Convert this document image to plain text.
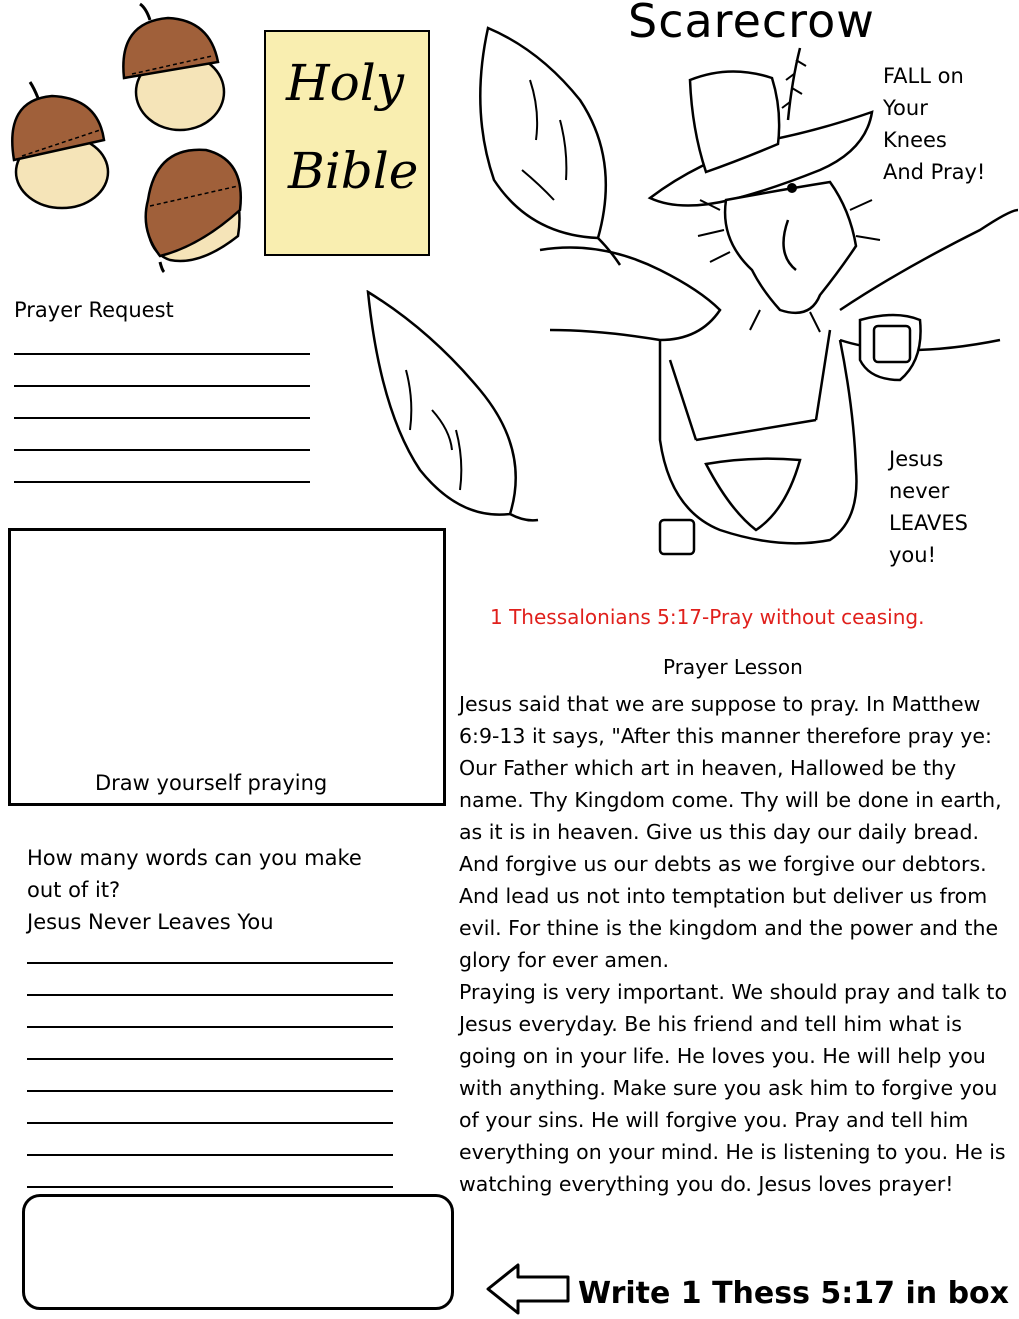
Holy
Bible
Scarecrow
FALL on
Your
Knees
And Pray!
Jesus
never
LEAVES
you!
Prayer Request
Draw yourself praying
How many words can you make
out of it?
Jesus Never Leaves You
1 Thessalonians 5:17-Pray without ceasing.
Prayer Lesson

Jesus said that we are suppose to pray. In Matthew 6:9-13 it says, "After this manner therefore pray ye: Our Father which art in heaven, Hallowed be thy name. Thy Kingdom come. Thy will be done in earth, as it is in heaven. Give us this day our daily bread. And forgive us our debts as we forgive our debtors. And lead us not into temptation but deliver us from evil. For thine is the kingdom and the power and the glory for ever amen.

Praying is very important. We should pray and talk to Jesus everyday. Be his friend and tell him what is going on in your life. He loves you. He will help you with anything. Make sure you ask him to forgive you of your sins. He will forgive you. Pray and tell him everything on your mind. He is listening to you. He is watching everything you do. Jesus loves prayer!

Write 1 Thess 5:17 in box
